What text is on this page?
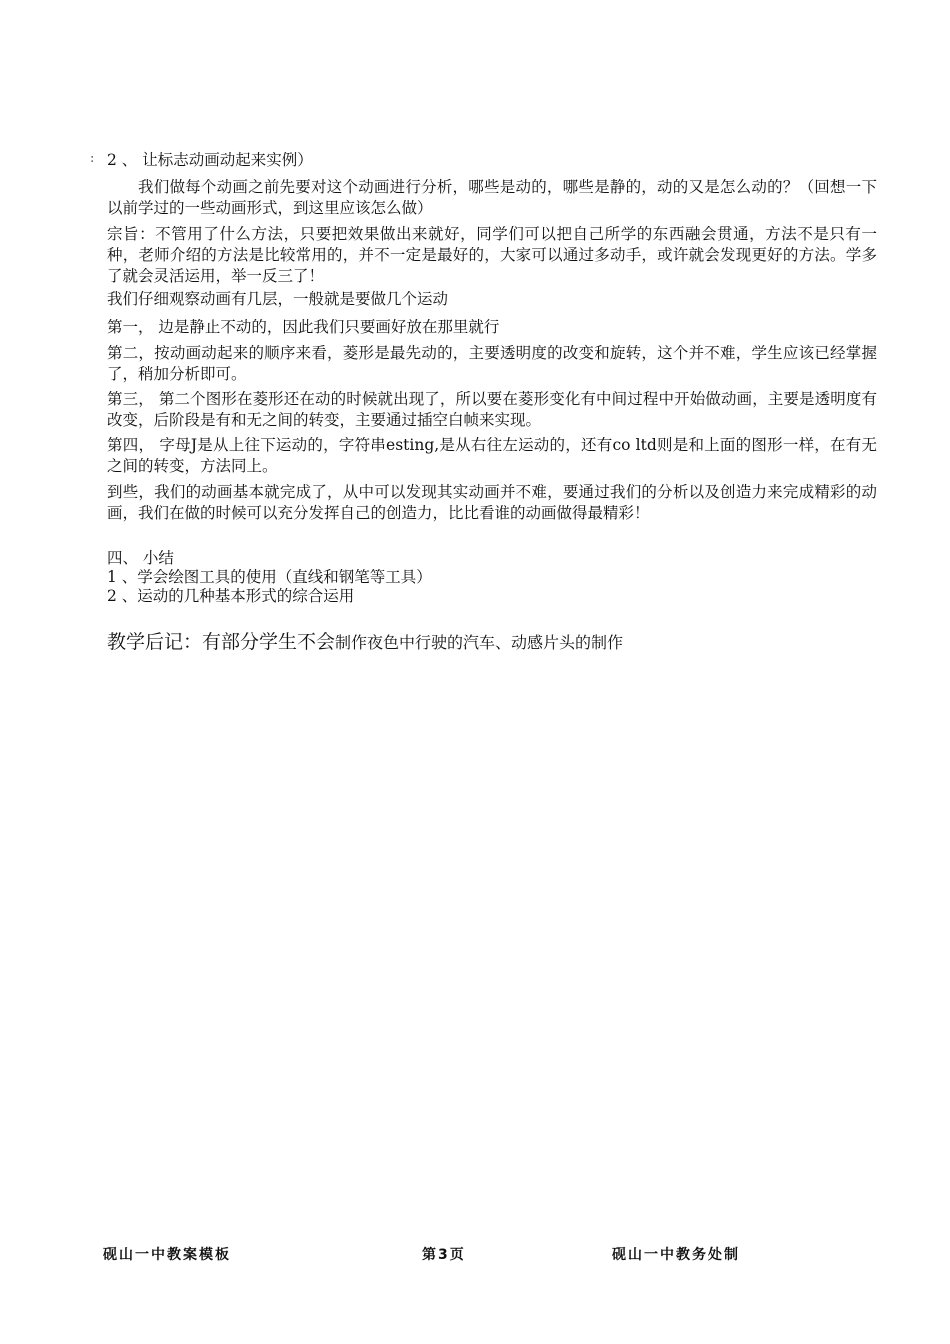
: 2 、 让标志动画动起来实例）
我们做每个动画之前先要对这个动画进行分析，哪些是动的，哪些是静的，动的又是怎么动的？（回想一下以前学过的一些动画形式，到这里应该怎么做）
宗旨：不管用了什么方法，只要把效果做出来就好，同学们可以把自己所学的东西融会贯通，方法不是只有一种，老师介绍的方法是比较常用的，并不一定是最好的，大家可以通过多动手，或许就会发现更好的方法。学多了就会灵活运用，举一反三了！
我们仔细观察动画有几层，一般就是要做几个运动
第一， 边是静止不动的，因此我们只要画好放在那里就行
第二，按动画动起来的顺序来看，菱形是最先动的，主要透明度的改变和旋转，这个并不难，学生应该已经掌握了，稍加分析即可。
第三， 第二个图形在菱形还在动的时候就出现了，所以要在菱形变化有中间过程中开始做动画，主要是透明度有改变，后阶段是有和无之间的转变，主要通过插空白帧来实现。
第四， 字母J是从上往下运动的，字符串esting,是从右往左运动的，还有co ltd则是和上面的图形一样，在有无之间的转变，方法同上。
到些，我们的动画基本就完成了，从中可以发现其实动画并不难，要通过我们的分析以及创造力来完成精彩的动画，我们在做的时候可以充分发挥自己的创造力，比比看谁的动画做得最精彩！
四、 小结
1 、学会绘图工具的使用（直线和钢笔等工具）
2 、运动的几种基本形式的综合运用
教学后记：有部分学生不会制作夜色中行驶的汽车、动感片头的制作
砚山一中教案模板	第3页	砚山一中教务处制
